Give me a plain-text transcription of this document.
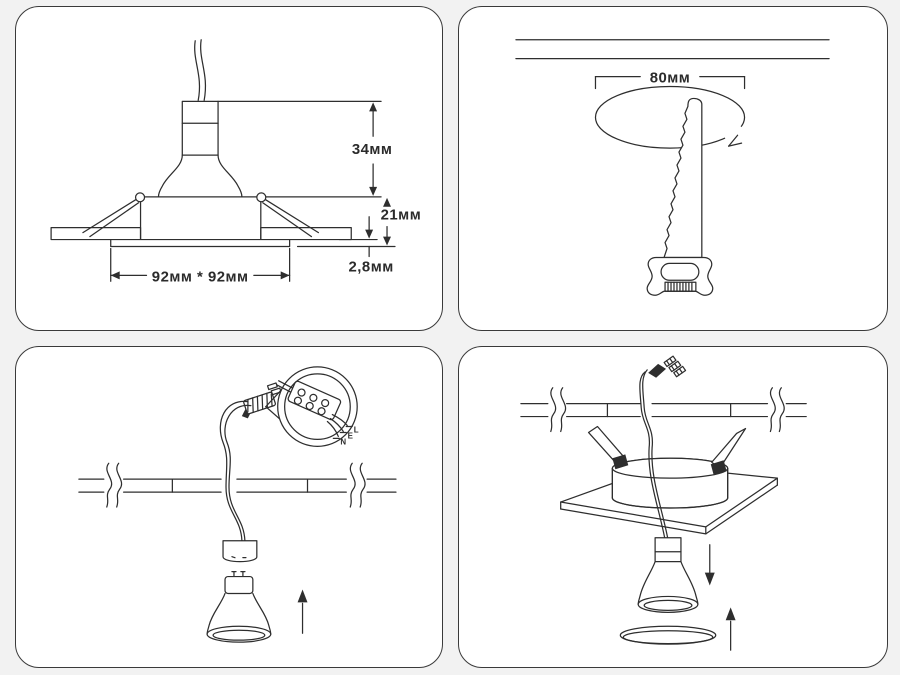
34мм
21мм
2,8мм
92мм * 92мм
80мм
L
E
N
